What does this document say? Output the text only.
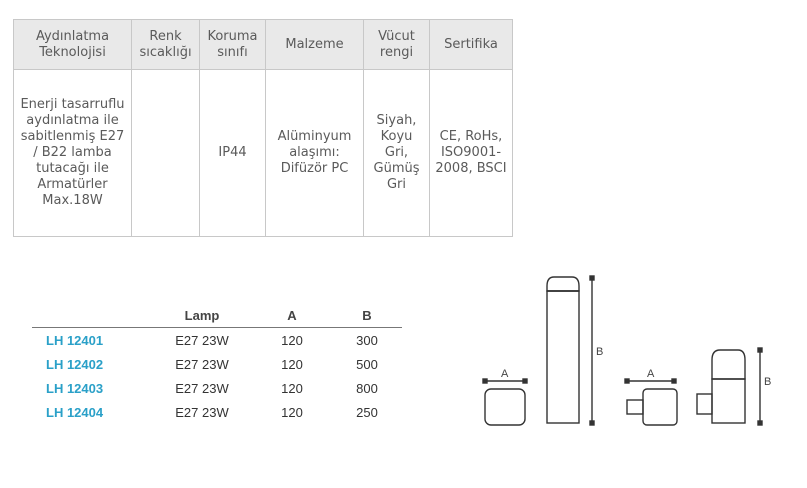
Aydınlatma Teknolojisi	Renk sıcaklığı	Koruma sınıfı	Malzeme	Vücut rengi	Sertifika
Enerji tasarruflu aydınlatma ile sabitlenmiş E27 / B22 lamba tutacağı ile Armatürler Max.18W		IP44	Alüminyum alaşımı: Difüzör PC	Siyah, Koyu Gri, Gümüş Gri	CE, RoHs, ISO9001-2008, BSCI
	Lamp	A	B
LH 12401	E27 23W	120	300
LH 12402	E27 23W	120	500
LH 12403	E27 23W	120	800
LH 12404	E27 23W	120	250
A
B
A
B
